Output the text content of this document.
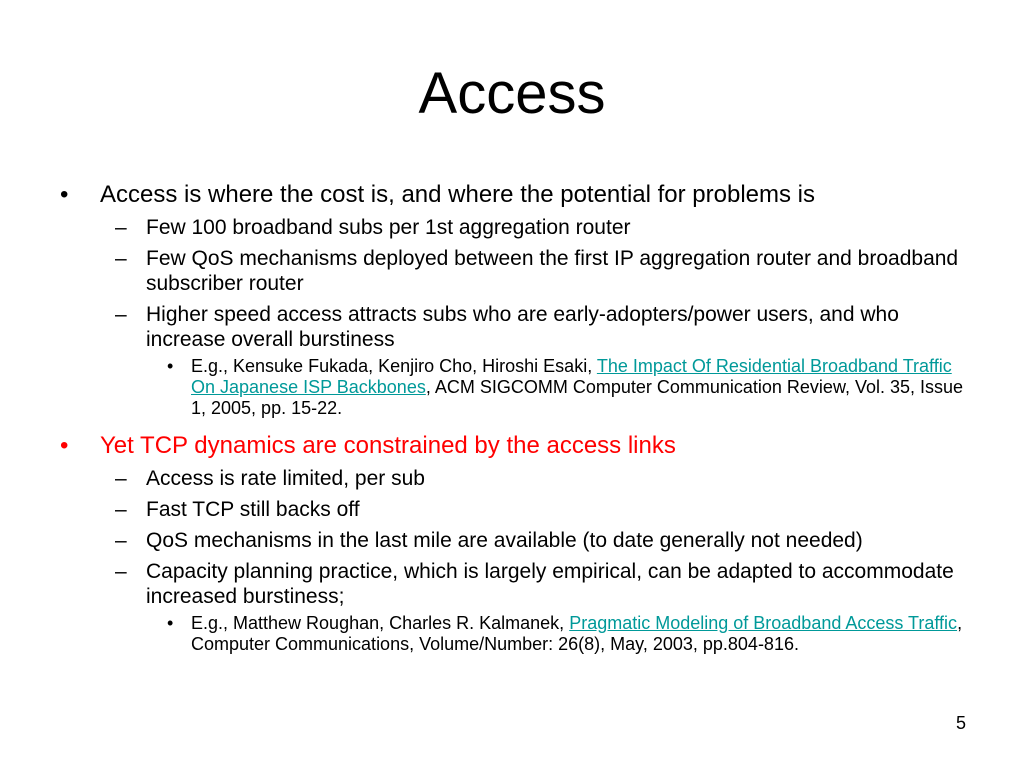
Access
•	Access is where the cost is, and where the potential for problems is
– Few 100 broadband subs per 1st aggregation router
– Few QoS mechanisms deployed between the first IP aggregation router and broadband subscriber router
– Higher speed access attracts subs who are early-adopters/power users, and who increase overall burstiness
• E.g., Kensuke Fukada, Kenjiro Cho, Hiroshi Esaki, The Impact Of Residential Broadband Traffic On Japanese ISP Backbones, ACM SIGCOMM Computer Communication Review, Vol. 35, Issue 1, 2005, pp. 15-22.
•	Yet TCP dynamics are constrained by the access links
– Access is rate limited, per sub
– Fast TCP still backs off
– QoS mechanisms in the last mile are available (to date generally not needed)
– Capacity planning practice, which is largely empirical, can be adapted to accommodate increased burstiness;
• E.g., Matthew Roughan, Charles R. Kalmanek, Pragmatic Modeling of Broadband Access Traffic, Computer Communications, Volume/Number: 26(8), May, 2003, pp.804-816.
5
